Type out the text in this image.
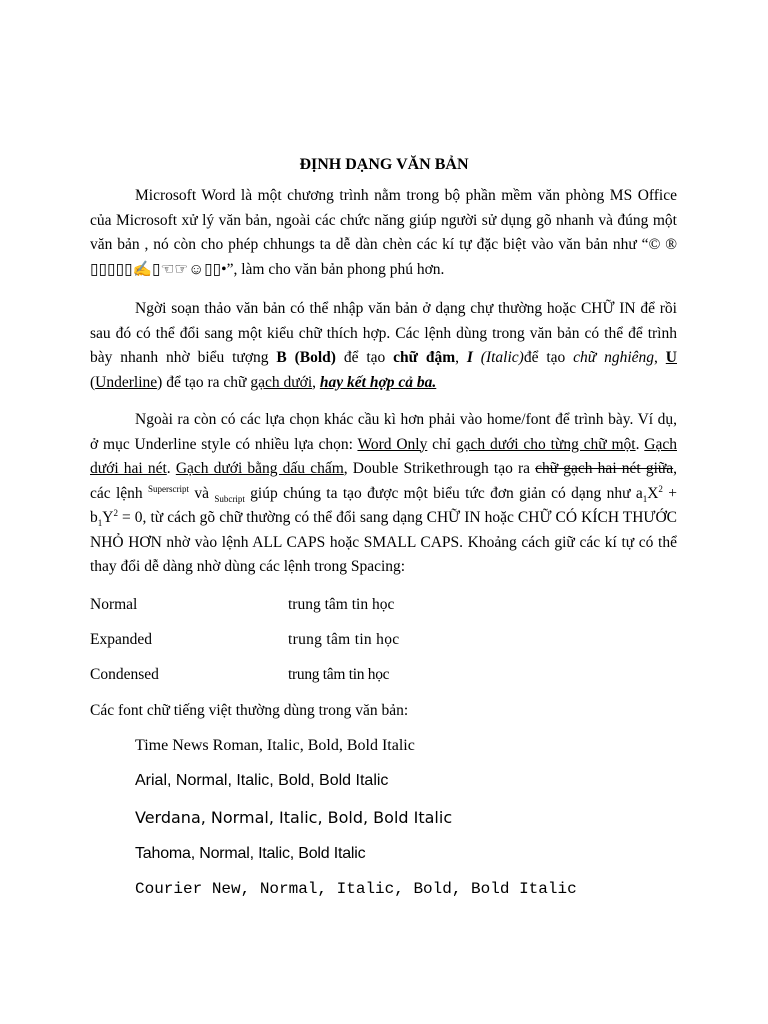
ĐỊNH DẠNG VĂN BẢN

Microsoft Word là một chương trình nằm trong bộ phần mềm văn phòng MS Office của Microsoft xử lý văn bản, ngoài các chức năng giúp người sử dụng gõ nhanh và đúng một văn bản , nó còn cho phép chhungs ta dễ dàn chèn các kí tự đặc biệt vào văn bản như “© ® ▯▯▯▯▯✍▯☜☞☺▯▯•”, làm cho văn bản phong phú hơn.

Ngời soạn thảo văn bản có thể nhập văn bản ở dạng chự thường hoặc CHỮ IN để rồi sau đó có thể đổi sang một kiểu chữ thích hợp. Các lệnh dùng trong văn bản có thể để trình bày nhanh nhờ biểu tượng B (Bold) để tạo chữ đậm, I (Italic)để tạo chữ nghiêng, U (Underline) để tạo ra chữ gạch dưới, hay kết hợp cả ba.

Ngoài ra còn có các lựa chọn khác cầu kì hơn phải vào home/font để trình bày. Ví dụ, ở mục Underline style có nhiều lựa chọn: Word Only chỉ gạch dưới cho từng chữ một. Gạch dưới hai nét. Gạch dưới bằng dấu chấm, Double Strikethrough tạo ra chữ gạch hai nét giữa, các lệnh $^{Superscript}$ và $_{Subcript}$ giúp chúng ta tạo được một biểu tức đơn giản có dạng như $a_1X^2 + b_1Y^2 = 0$, từ cách gõ chữ thường có thể đổi sang dạng CHỮ IN hoặc CHỮ CÓ KÍCH THƯỚC NHỎ HƠN nhờ vào lệnh ALL CAPS hoặc SMALL CAPS. Khoảng cách giữ các kí tự có thể thay đổi dễ dàng nhờ dùng các lệnh trong Spacing:

Normal	trung tâm tin học
Expanded	trung tâm tin học
Condensed	trung tâm tin học
Các font chữ tiếng việt thường dùng trong văn bản:
Time News Roman, Italic, Bold, Bold Italic
Arial, Normal, Italic, Bold, Bold Italic
Verdana, Normal, Italic, Bold, Bold Italic
Tahoma, Normal, Italic, Bold Italic
Courier New, Normal, Italic, Bold, Bold Italic
